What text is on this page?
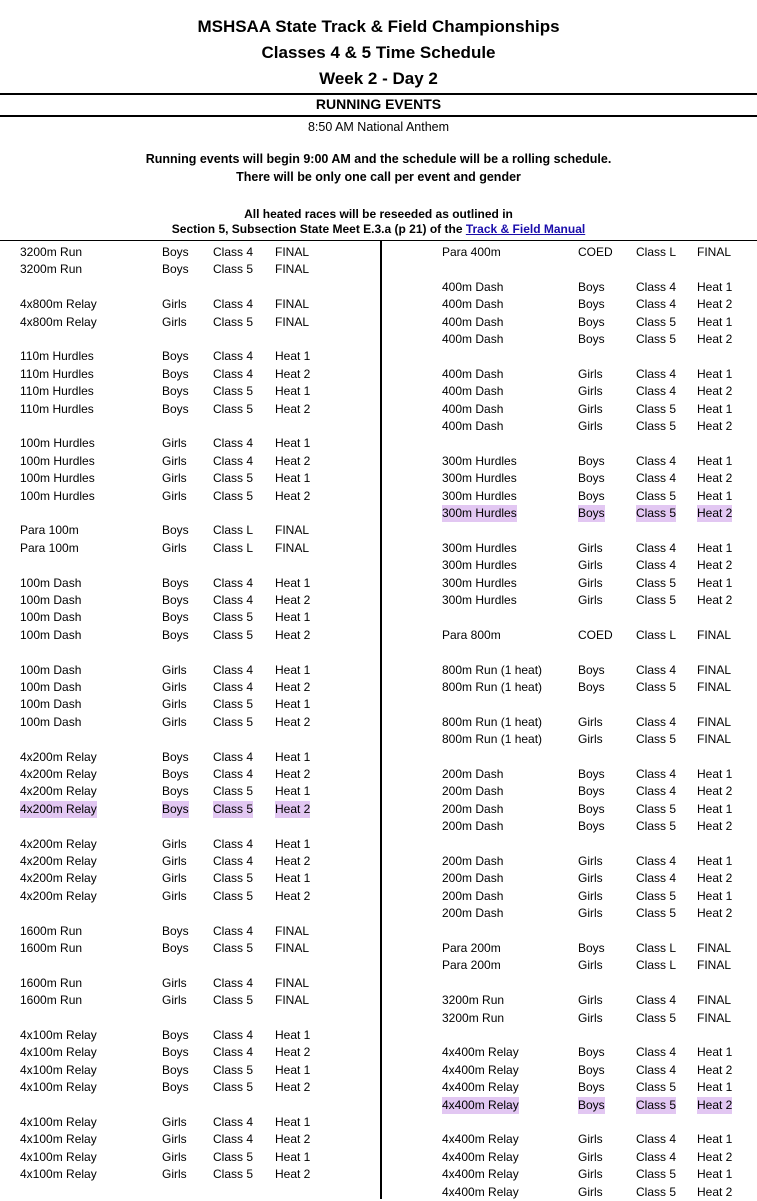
MSHSAA State Track & Field Championships
Classes 4 & 5 Time Schedule
Week 2 - Day 2
RUNNING EVENTS
8:50 AM National Anthem
Running events will begin 9:00 AM and the schedule will be a rolling schedule.
There will be only one call per event and gender
All heated races will be reseeded as outlined in
Section 5, Subsection State Meet E.3.a (p 21) of the Track & Field Manual
3200m Run	Boys Class 4 FINAL
3200m Run	Boys Class 5 FINAL
4x800m Relay	Girls Class 4 FINAL
4x800m Relay	Girls Class 5 FINAL
110m Hurdles	Boys Class 4 Heat 1
110m Hurdles	Boys Class 4 Heat 2
110m Hurdles	Boys Class 5 Heat 1
110m Hurdles	Boys Class 5 Heat 2
100m Hurdles	Girls Class 4 Heat 1
100m Hurdles	Girls Class 4 Heat 2
100m Hurdles	Girls Class 5 Heat 1
100m Hurdles	Girls Class 5 Heat 2
Para 100m	Boys Class L FINAL
Para 100m	Girls Class L FINAL
100m Dash	Boys Class 4 Heat 1
100m Dash	Boys Class 4 Heat 2
100m Dash	Boys Class 5 Heat 1
100m Dash	Boys Class 5 Heat 2
100m Dash	Girls Class 4 Heat 1
100m Dash	Girls Class 4 Heat 2
100m Dash	Girls Class 5 Heat 1
100m Dash	Girls Class 5 Heat 2
4x200m Relay	Boys Class 4 Heat 1
4x200m Relay	Boys Class 4 Heat 2
4x200m Relay	Boys Class 5 Heat 1
4x200m Relay	Boys Class 5 Heat 2
4x200m Relay	Girls Class 4 Heat 1
4x200m Relay	Girls Class 4 Heat 2
4x200m Relay	Girls Class 5 Heat 1
4x200m Relay	Girls Class 5 Heat 2
1600m Run	Boys Class 4 FINAL
1600m Run	Boys Class 5 FINAL
1600m Run	Girls Class 4 FINAL
1600m Run	Girls Class 5 FINAL
4x100m Relay	Boys Class 4 Heat 1
4x100m Relay	Boys Class 4 Heat 2
4x100m Relay	Boys Class 5 Heat 1
4x100m Relay	Boys Class 5 Heat 2
4x100m Relay	Girls Class 4 Heat 1
4x100m Relay	Girls Class 4 Heat 2
4x100m Relay	Girls Class 5 Heat 1
4x100m Relay	Girls Class 5 Heat 2
Para 400m	COED Class L FINAL
400m Dash	Boys	Class 4 Heat 1
400m Dash	Boys	Class 4 Heat 2
400m Dash	Boys	Class 5 Heat 1
400m Dash	Boys	Class 5 Heat 2
400m Dash	Girls	Class 4 Heat 1
400m Dash	Girls	Class 4 Heat 2
400m Dash	Girls	Class 5 Heat 1
400m Dash	Girls	Class 5 Heat 2
300m Hurdles	Boys	Class 4 Heat 1
300m Hurdles	Boys	Class 4 Heat 2
300m Hurdles	Boys	Class 5 Heat 1
300m Hurdles	Boys	Class 5 Heat 2
300m Hurdles	Girls	Class 4 Heat 1
300m Hurdles	Girls	Class 4 Heat 2
300m Hurdles	Girls	Class 5 Heat 1
300m Hurdles	Girls	Class 5 Heat 2
Para 800m	COED Class L FINAL
800m Run (1 heat)	Boys	Class 4 FINAL
800m Run (1 heat)	Boys	Class 5 FINAL
800m Run (1 heat)	Girls	Class 4 FINAL
800m Run (1 heat)	Girls	Class 5 FINAL
200m Dash	Boys	Class 4 Heat 1
200m Dash	Boys	Class 4 Heat 2
200m Dash	Boys	Class 5 Heat 1
200m Dash	Boys	Class 5 Heat 2
200m Dash	Girls	Class 4 Heat 1
200m Dash	Girls	Class 4 Heat 2
200m Dash	Girls	Class 5 Heat 1
200m Dash	Girls	Class 5 Heat 2
Para 200m	Boys	Class L FINAL
Para 200m	Girls	Class L FINAL
3200m Run	Girls	Class 4 FINAL
3200m Run	Girls	Class 5 FINAL
4x400m Relay	Boys	Class 4 Heat 1
4x400m Relay	Boys	Class 4 Heat 2
4x400m Relay	Boys	Class 5 Heat 1
4x400m Relay	Boys	Class 5 Heat 2
4x400m Relay	Girls	Class 4 Heat 1
4x400m Relay	Girls	Class 4 Heat 2
4x400m Relay	Girls	Class 5 Heat 1
4x400m Relay	Girls	Class 5 Heat 2
